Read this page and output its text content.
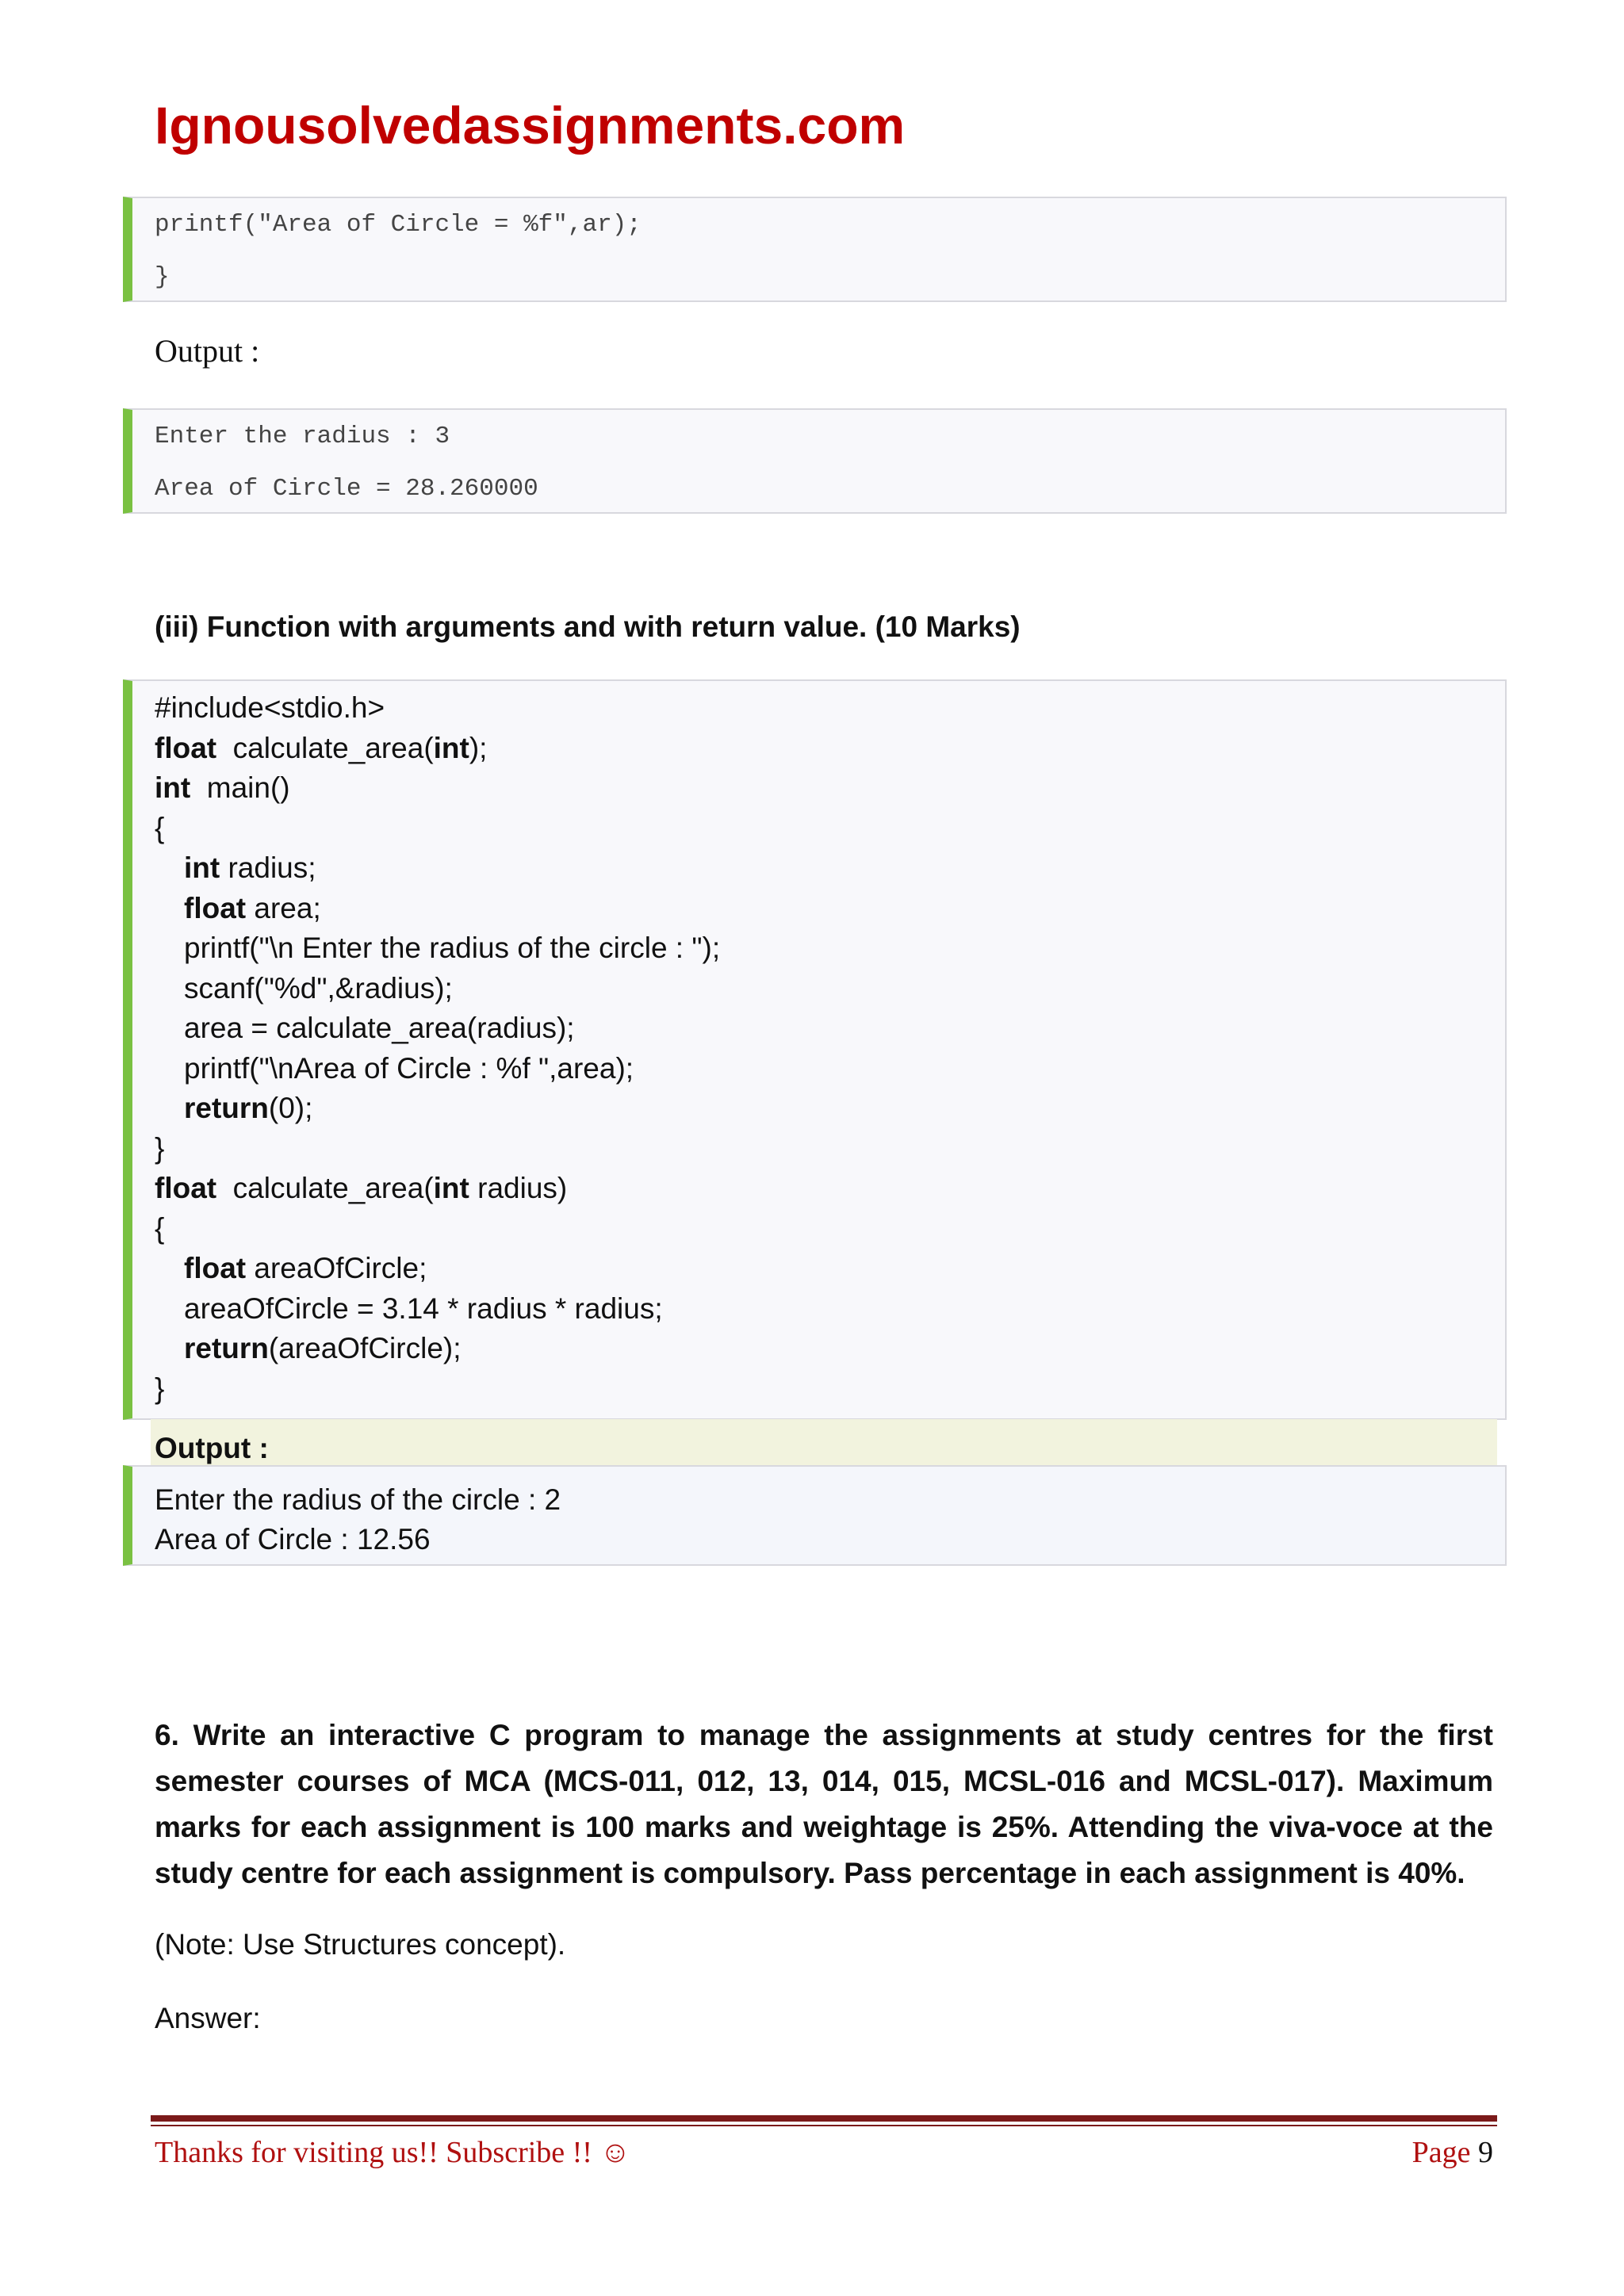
Ignousolvedassignments.com
printf("Area of Circle = %f",ar);
}
Output :
Enter the radius : 3
Area of Circle = 28.260000
(iii) Function with arguments and with return value. (10 Marks)
#include<stdio.h>
float  calculate_area(int);
int  main()
{
int radius;
float area;
printf("\n Enter the radius of the circle : ");
scanf("%d",&radius);
area = calculate_area(radius);
printf("\nArea of Circle : %f ",area);
return(0);
}
float  calculate_area(int radius)
{
float areaOfCircle;
areaOfCircle = 3.14 * radius * radius;
return(areaOfCircle);
}
Output :
Enter the radius of the circle : 2
Area of Circle : 12.56
6. Write an interactive C program to manage the assignments at study centres for the first semester courses of MCA (MCS-011, 012, 13, 014, 015, MCSL-016 and MCSL-017). Maximum marks for each assignment is 100 marks and weightage is 25%. Attending the viva-voce at the study centre for each assignment is compulsory. Pass percentage in each assignment is 40%.
(Note: Use Structures concept).
Answer:
Thanks for visiting us!! Subscribe !! ☺	Page 9
